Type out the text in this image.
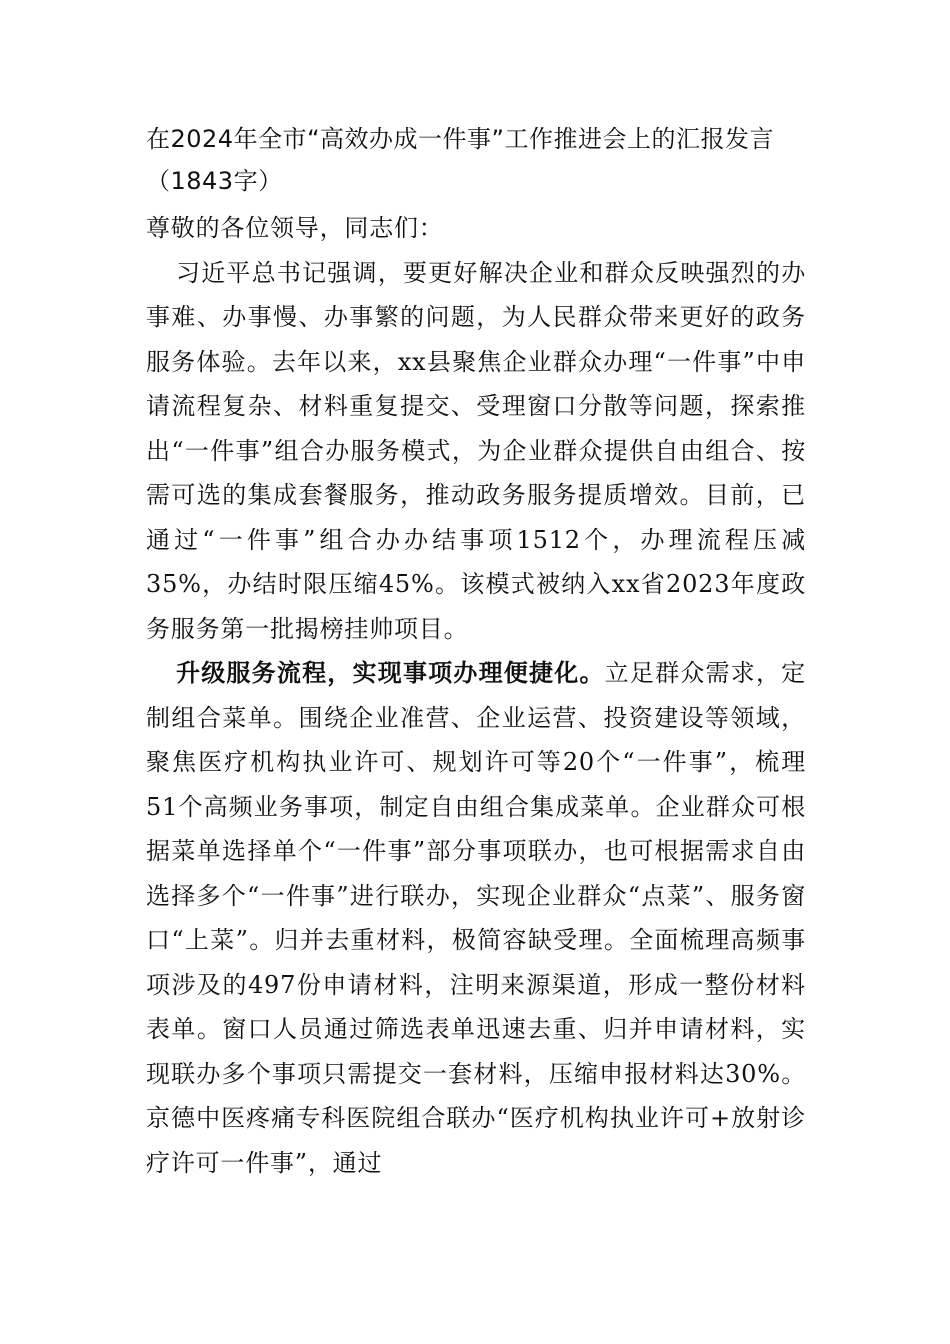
在2024年全市“高效办成一件事”工作推进会上的汇报发言（1843字）

尊敬的各位领导，同志们：

习近平总书记强调，要更好解决企业和群众反映强烈的办事难、办事慢、办事繁的问题，为人民群众带来更好的政务服务体验。去年以来，xx县聚焦企业群众办理“一件事”中申请流程复杂、材料重复提交、受理窗口分散等问题，探索推出“一件事”组合办服务模式，为企业群众提供自由组合、按需可选的集成套餐服务，推动政务服务提质增效。目前，已通过“一件事”组合办办结事项1512个，办理流程压减35%，办结时限压缩45%。该模式被纳入xx省2023年度政务服务第一批揭榜挂帅项目。

升级服务流程，实现事项办理便捷化。立足群众需求，定制组合菜单。围绕企业准营、企业运营、投资建设等领域，聚焦医疗机构执业许可、规划许可等20个“一件事”，梳理51个高频业务事项，制定自由组合集成菜单。企业群众可根据菜单选择单个“一件事”部分事项联办，也可根据需求自由选择多个“一件事”进行联办，实现企业群众“点菜”、服务窗口“上菜”。归并去重材料，极简容缺受理。全面梳理高频事项涉及的497份申请材料，注明来源渠道，形成一整份材料表单。窗口人员通过筛选表单迅速去重、归并申请材料，实现联办多个事项只需提交一套材料，压缩申报材料达30%。京德中医疼痛专科医院组合联办“医疗机构执业许可+放射诊疗许可一件事”，通过
